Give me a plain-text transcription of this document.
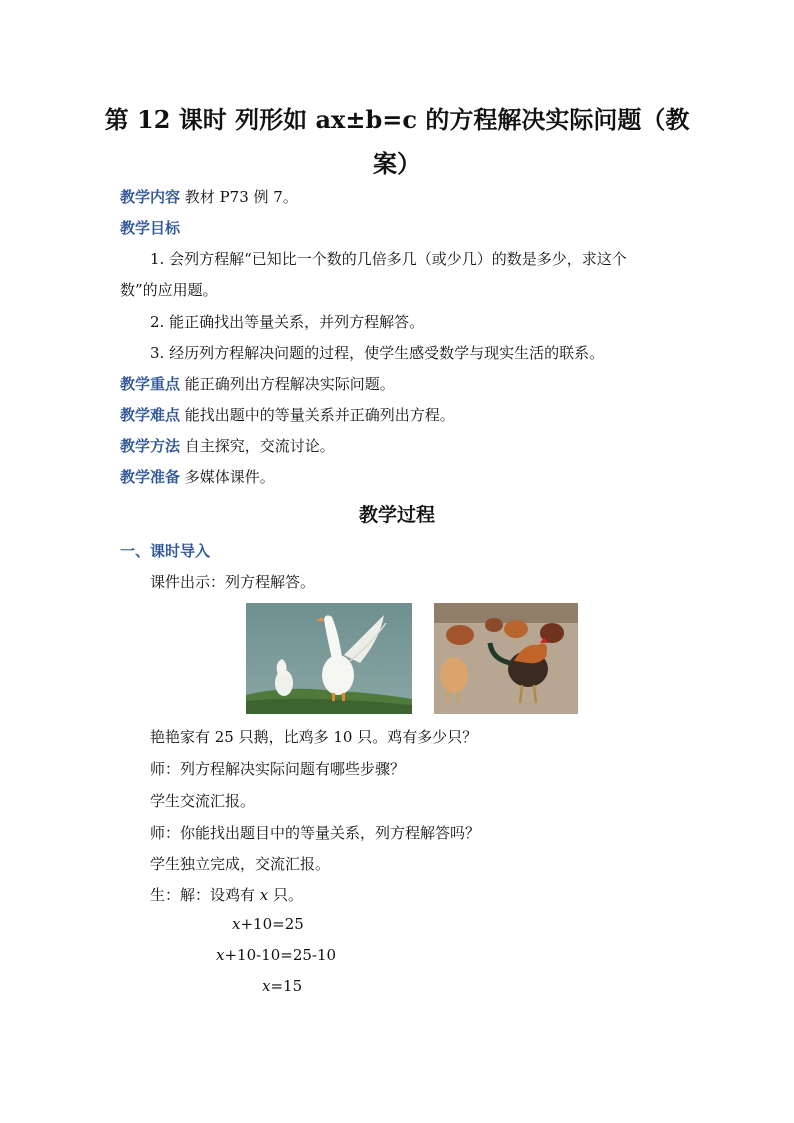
第 12 课时 列形如 ax±b=c 的方程解决实际问题（教
案）
教学内容 教材 P73 例 7。
教学目标
1. 会列方程解“已知比一个数的几倍多几（或少几）的数是多少，求这个
数”的应用题。
2. 能正确找出等量关系，并列方程解答。
3. 经历列方程解决问题的过程，使学生感受数学与现实生活的联系。
教学重点 能正确列出方程解决实际问题。
教学难点 能找出题中的等量关系并正确列出方程。
教学方法 自主探究，交流讨论。
教学准备 多媒体课件。
教学过程
一、课时导入
课件出示：列方程解答。
艳艳家有 25 只鹅，比鸡多 10 只。鸡有多少只？
师：列方程解决实际问题有哪些步骤？
学生交流汇报。
师：你能找出题目中的等量关系，列方程解答吗？
学生独立完成，交流汇报。
生：解：设鸡有 x 只。
x+10=25
x+10-10=25-10
x=15
